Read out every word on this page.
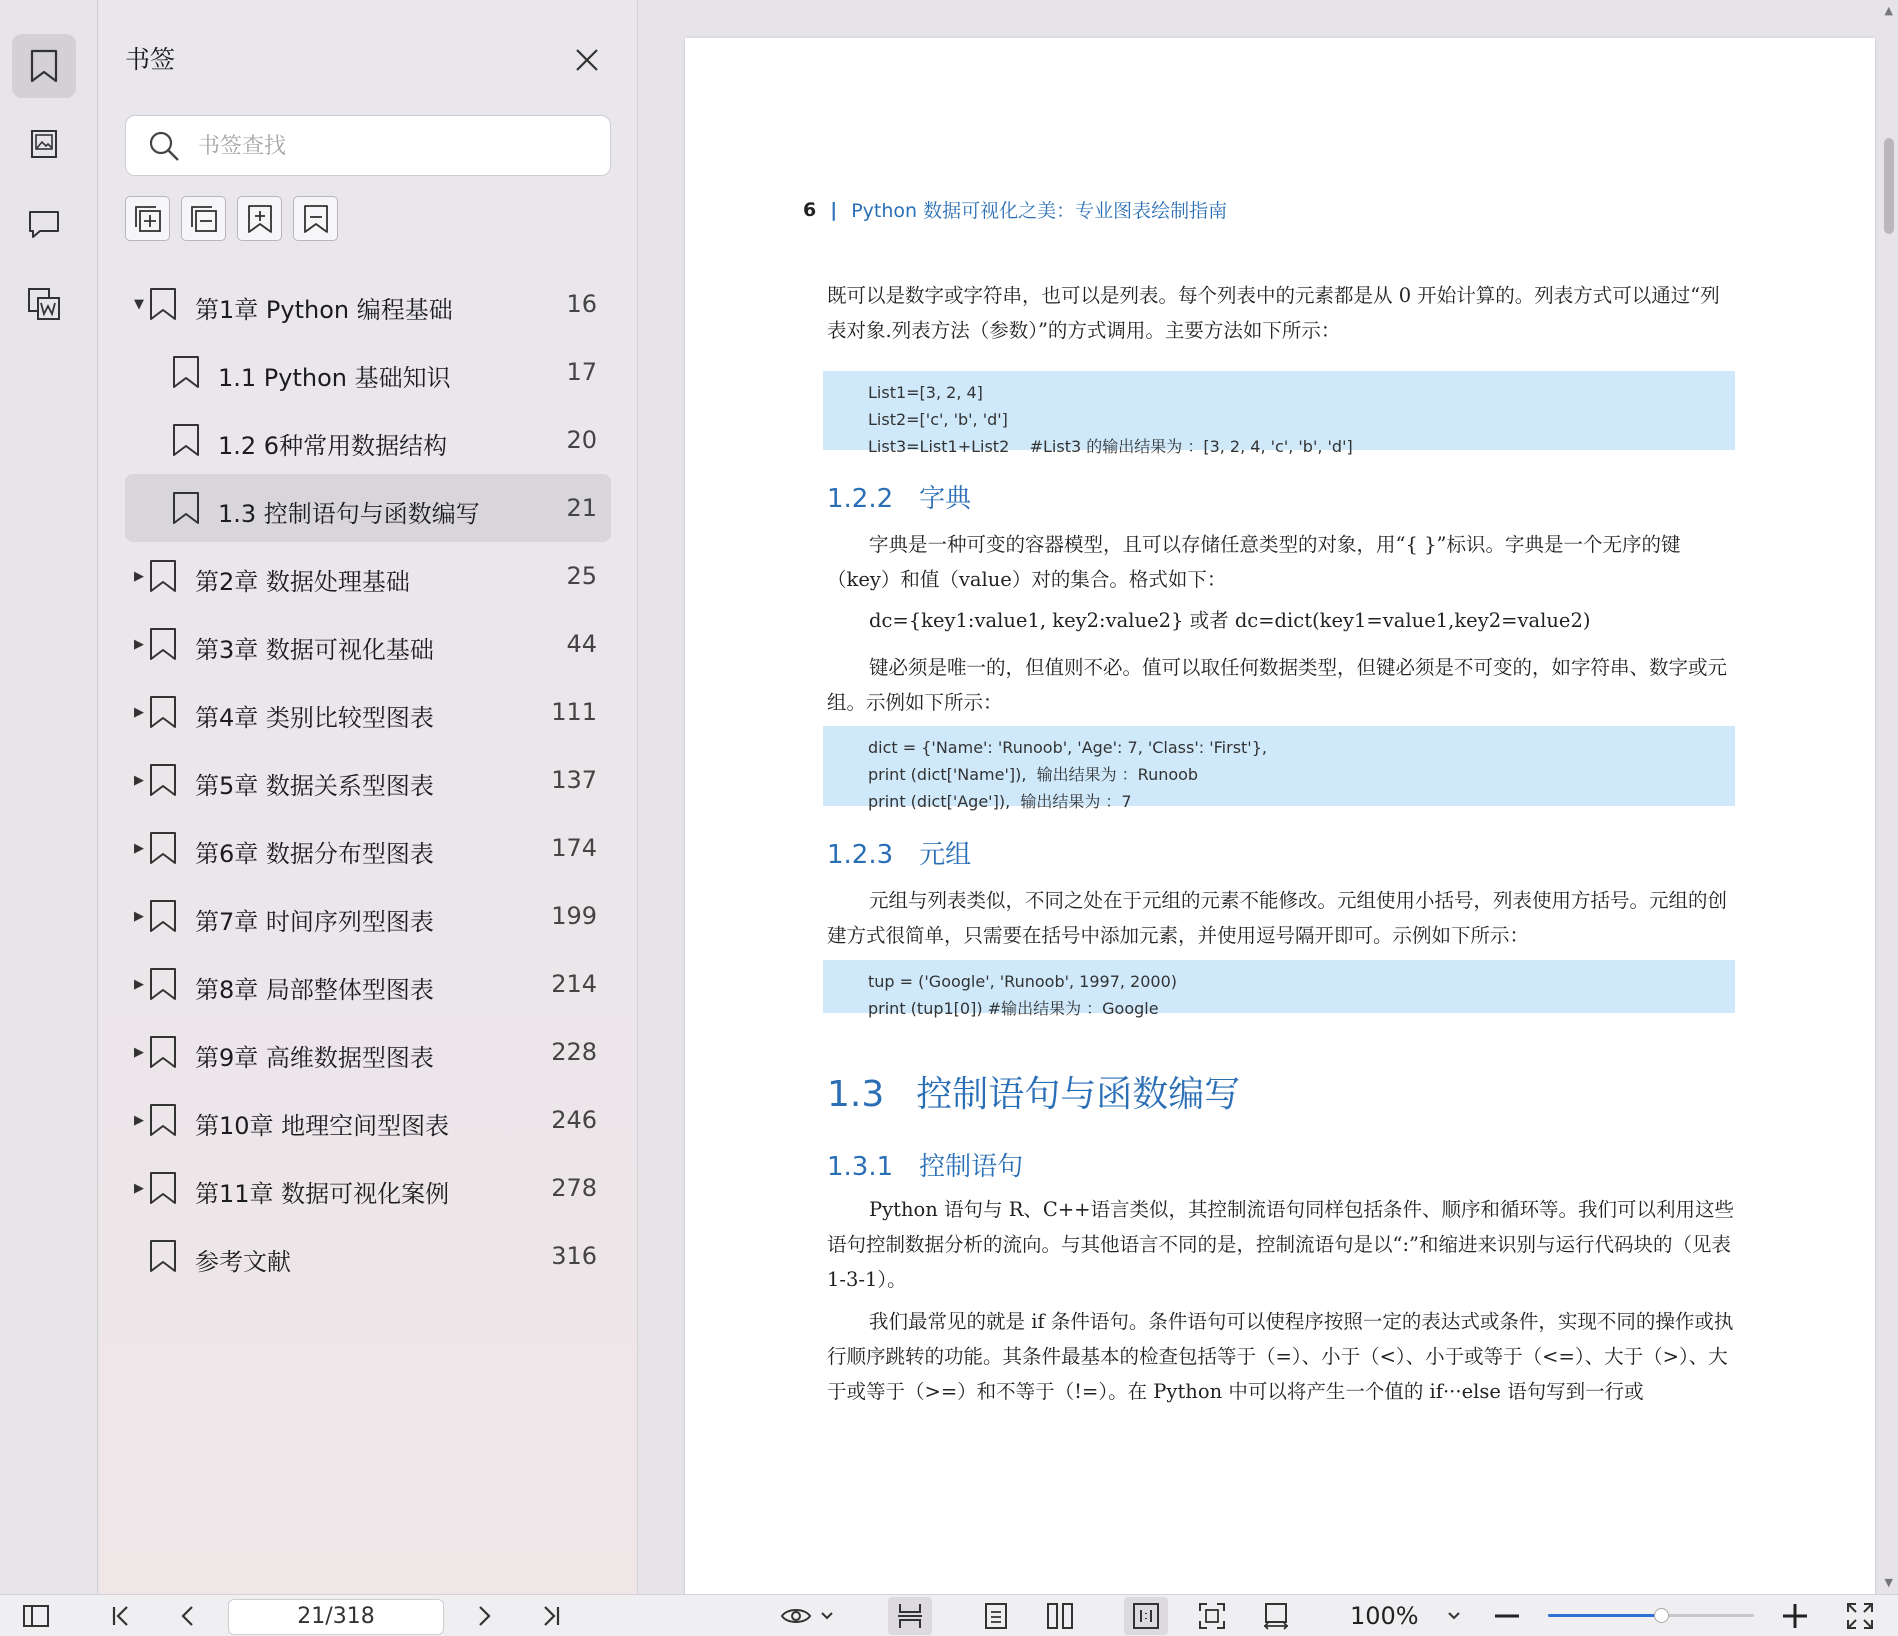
书签
书签查找
▼ 第1章 Python 编程基础	16
1.1 Python 基础知识	17
1.2 6种常用数据结构	20
1.3 控制语句与函数编写	21
▶ 第2章 数据处理基础	25
▶ 第3章 数据可视化基础	44
▶ 第4章 类别比较型图表	111
▶ 第5章 数据关系型图表	137
▶ 第6章 数据分布型图表	174
▶ 第7章 时间序列型图表	199
▶ 第8章 局部整体型图表	214
▶ 第9章 高维数据型图表	228
▶ 第10章 地理空间型图表	246
▶ 第11章 数据可视化案例	278
参考文献	316
6 | Python 数据可视化之美：专业图表绘制指南
既可以是数字或字符串，也可以是列表。每个列表中的元素都是从 0 开始计算的。列表方式可以通过“列表对象.列表方法（参数）”的方式调用。主要方法如下所示：
List1=[3, 2, 4]
List2=['c', 'b', 'd']
List3=List1+List2    #List3 的输出结果为 ：[3, 2, 4, 'c', 'b', 'd']
1.2.2 字典
字典是一种可变的容器模型，且可以存储任意类型的对象，用“{ }”标识。字典是一个无序的键（key）和值（value）对的集合。格式如下：
dc={key1:value1, key2:value2} 或者 dc=dict(key1=value1,key2=value2)
键必须是唯一的，但值则不必。值可以取任何数据类型，但键必须是不可变的，如字符串、数字或元组。示例如下所示：
dict = {'Name': 'Runoob', 'Age': 7, 'Class': 'First'},
print (dict['Name']),  输出结果为 ：Runoob
print (dict['Age']),  输出结果为 ：7
1.2.3 元组
元组与列表类似，不同之处在于元组的元素不能修改。元组使用小括号，列表使用方括号。元组的创建方式很简单，只需要在括号中添加元素，并使用逗号隔开即可。示例如下所示：
tup = ('Google', 'Runoob', 1997, 2000)
print (tup1[0]) #输出结果为 ：Google
1.3 控制语句与函数编写
1.3.1 控制语句
Python 语句与 R、C++语言类似，其控制流语句同样包括条件、顺序和循环等。我们可以利用这些语句控制数据分析的流向。与其他语言不同的是，控制流语句是以“:”和缩进来识别与运行代码块的（见表 1-3-1）。
我们最常见的就是 if 条件语句。条件语句可以使程序按照一定的表达式或条件，实现不同的操作或执行顺序跳转的功能。其条件最基本的检查包括等于（=）、小于（<）、小于或等于（<=）、大于（>）、大于或等于（>=）和不等于（!=）。在 Python 中可以将产生一个值的 if···else 语句写到一行或
▲
▼
21/318	100%
